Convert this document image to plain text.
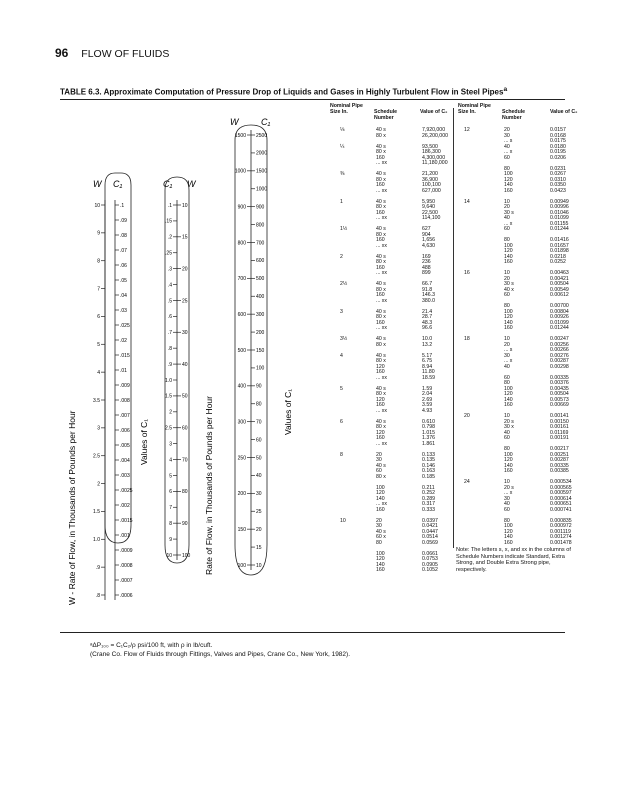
96 FLOW OF FLUIDS
TABLE 6.3. Approximate Computation of Pressure Drop of Liquids and Gases in Highly Turbulent Flow in Steel Pipes$^a$
W C₁	C₁ W
W	C₁
10
9
8
7
6
5
4
3.5
3
2.5
2
1.5
1.0
.9
.8
.1
.09
.08
.07
.06
.05
.04
.03
.025
.02
.015
.01
.009
.008
.007
.006
.005
.004
.003
.0025
.002
.0015
.001
.0009
.0008
.0007
.0006
.1
.15
.2
.25
.3
.4
.5
.6
.7
.8
.9
1.0
1.5
2
2.5
3
4
5
6
7
8
9
10
10
15
20
25
30
40
50
60
70
80
90
100
1500
1000
900
800
700
600
500
400
300
250
200
150
100
2500
2000
1500
1000
900
800
700
600
500
400
300
200
150
100
90
80
70
60
50
40
30
25
20
15
10
W - Rate of Flow, in Thousands of Pounds per Hour	Values of C₁	Rate of Flow, in Thousands of Pounds per Hour	Values of C₁
Nominal Pipe Size In.	Schedule Number
Value of C₂
⅛	40 s	7,920,000
80 x	26,200,000
¼	40 s	93,500
80 x	186,300
160	4,300,000
... xx	11,180,000
⅜	40 s	21,200
80 x	36,900
160	100,100
... xx	627,000
1	40 s	5,950
80 x	9,640
160	22,500
... xx	114,100
1½	40 s	627
80 x	904
160	1,656
... xx	4,630
2	40 s	169
80 x	236
160	488
... xx	899
2½	40 s	66.7
80 x	91.8
160	146.3
... xx	380.0
3	40 s	21.4
80 x	28.7
160	48.3
... xx	96.6
3½	40 s	10.0
80 x	13.2
4	40 s	5.17
80 x	6.75
120	8.94
160	11.80
... xx	18.59
5	40 s	1.59
80 x	2.04
120	2.69
160	3.59
... xx	4.93
6	40 s	0.610
80 x	0.798
120	1.015
160	1.376
... xx	1.861
8	20	0.133
30	0.135
40 s	0.146
60	0.163
80 x	0.185
100	0.211
120	0.252
140	0.289
... xx	0.317
160	0.333
10	20	0.0397
30	0.0421
40 s	0.0447
60 x	0.0514
80	0.0569
100	0.0661
120	0.0753
140	0.0905
160	0.1052
Nominal Pipe Size In.	Schedule Number
Value of C₂
12	20	0.0157
30	0.0168
... s	0.0175
40	0.0180
... x	0.0195
60	0.0206
80	0.0231
100	0.0267
120	0.0310
140	0.0350
160	0.0423
14	10	0.00949
20	0.00996
30 s	0.01046
40	0.01099
... x	0.01155
60	0.01244
80	0.01416
100	0.01657
120	0.01898
140	0.0218
160	0.0252
16	10	0.00463
20	0.00421
30 s	0.00504
40 x	0.00549
60	0.00612
80	0.00700
100	0.00804
120	0.00926
140	0.01099
160	0.01244
18	10	0.00247
20	0.00256
... s	0.00266
30	0.00276
... x	0.00287
40	0.00298
60	0.00335
80	0.00376
100	0.00435
120	0.00504
140	0.00573
160	0.00669
20	10	0.00141
20 s	0.00150
30 x	0.00161
40	0.01169
60	0.00191
80	0.00217
100	0.00251
120	0.00287
140	0.00335
160	0.00385
24	10	0.000534
20 s	0.000565
... x	0.000597
30	0.000614
40	0.000651
60	0.000741
80	0.000835
100	0.000972
120	0.001119
140	0.001274
160	0.001478
Note: The letters s, x, and xx in the columns of Schedule Numbers indicate Standard, Extra Strong, and Double Extra Strong pipe, respectively.
ᵃΔP₁₀₀ = C₁C₂/ρ psi/100 ft, with ρ in lb/cuft.
(Crane Co. Flow of Fluids through Fittings, Valves and Pipes, Crane Co., New York, 1982).
